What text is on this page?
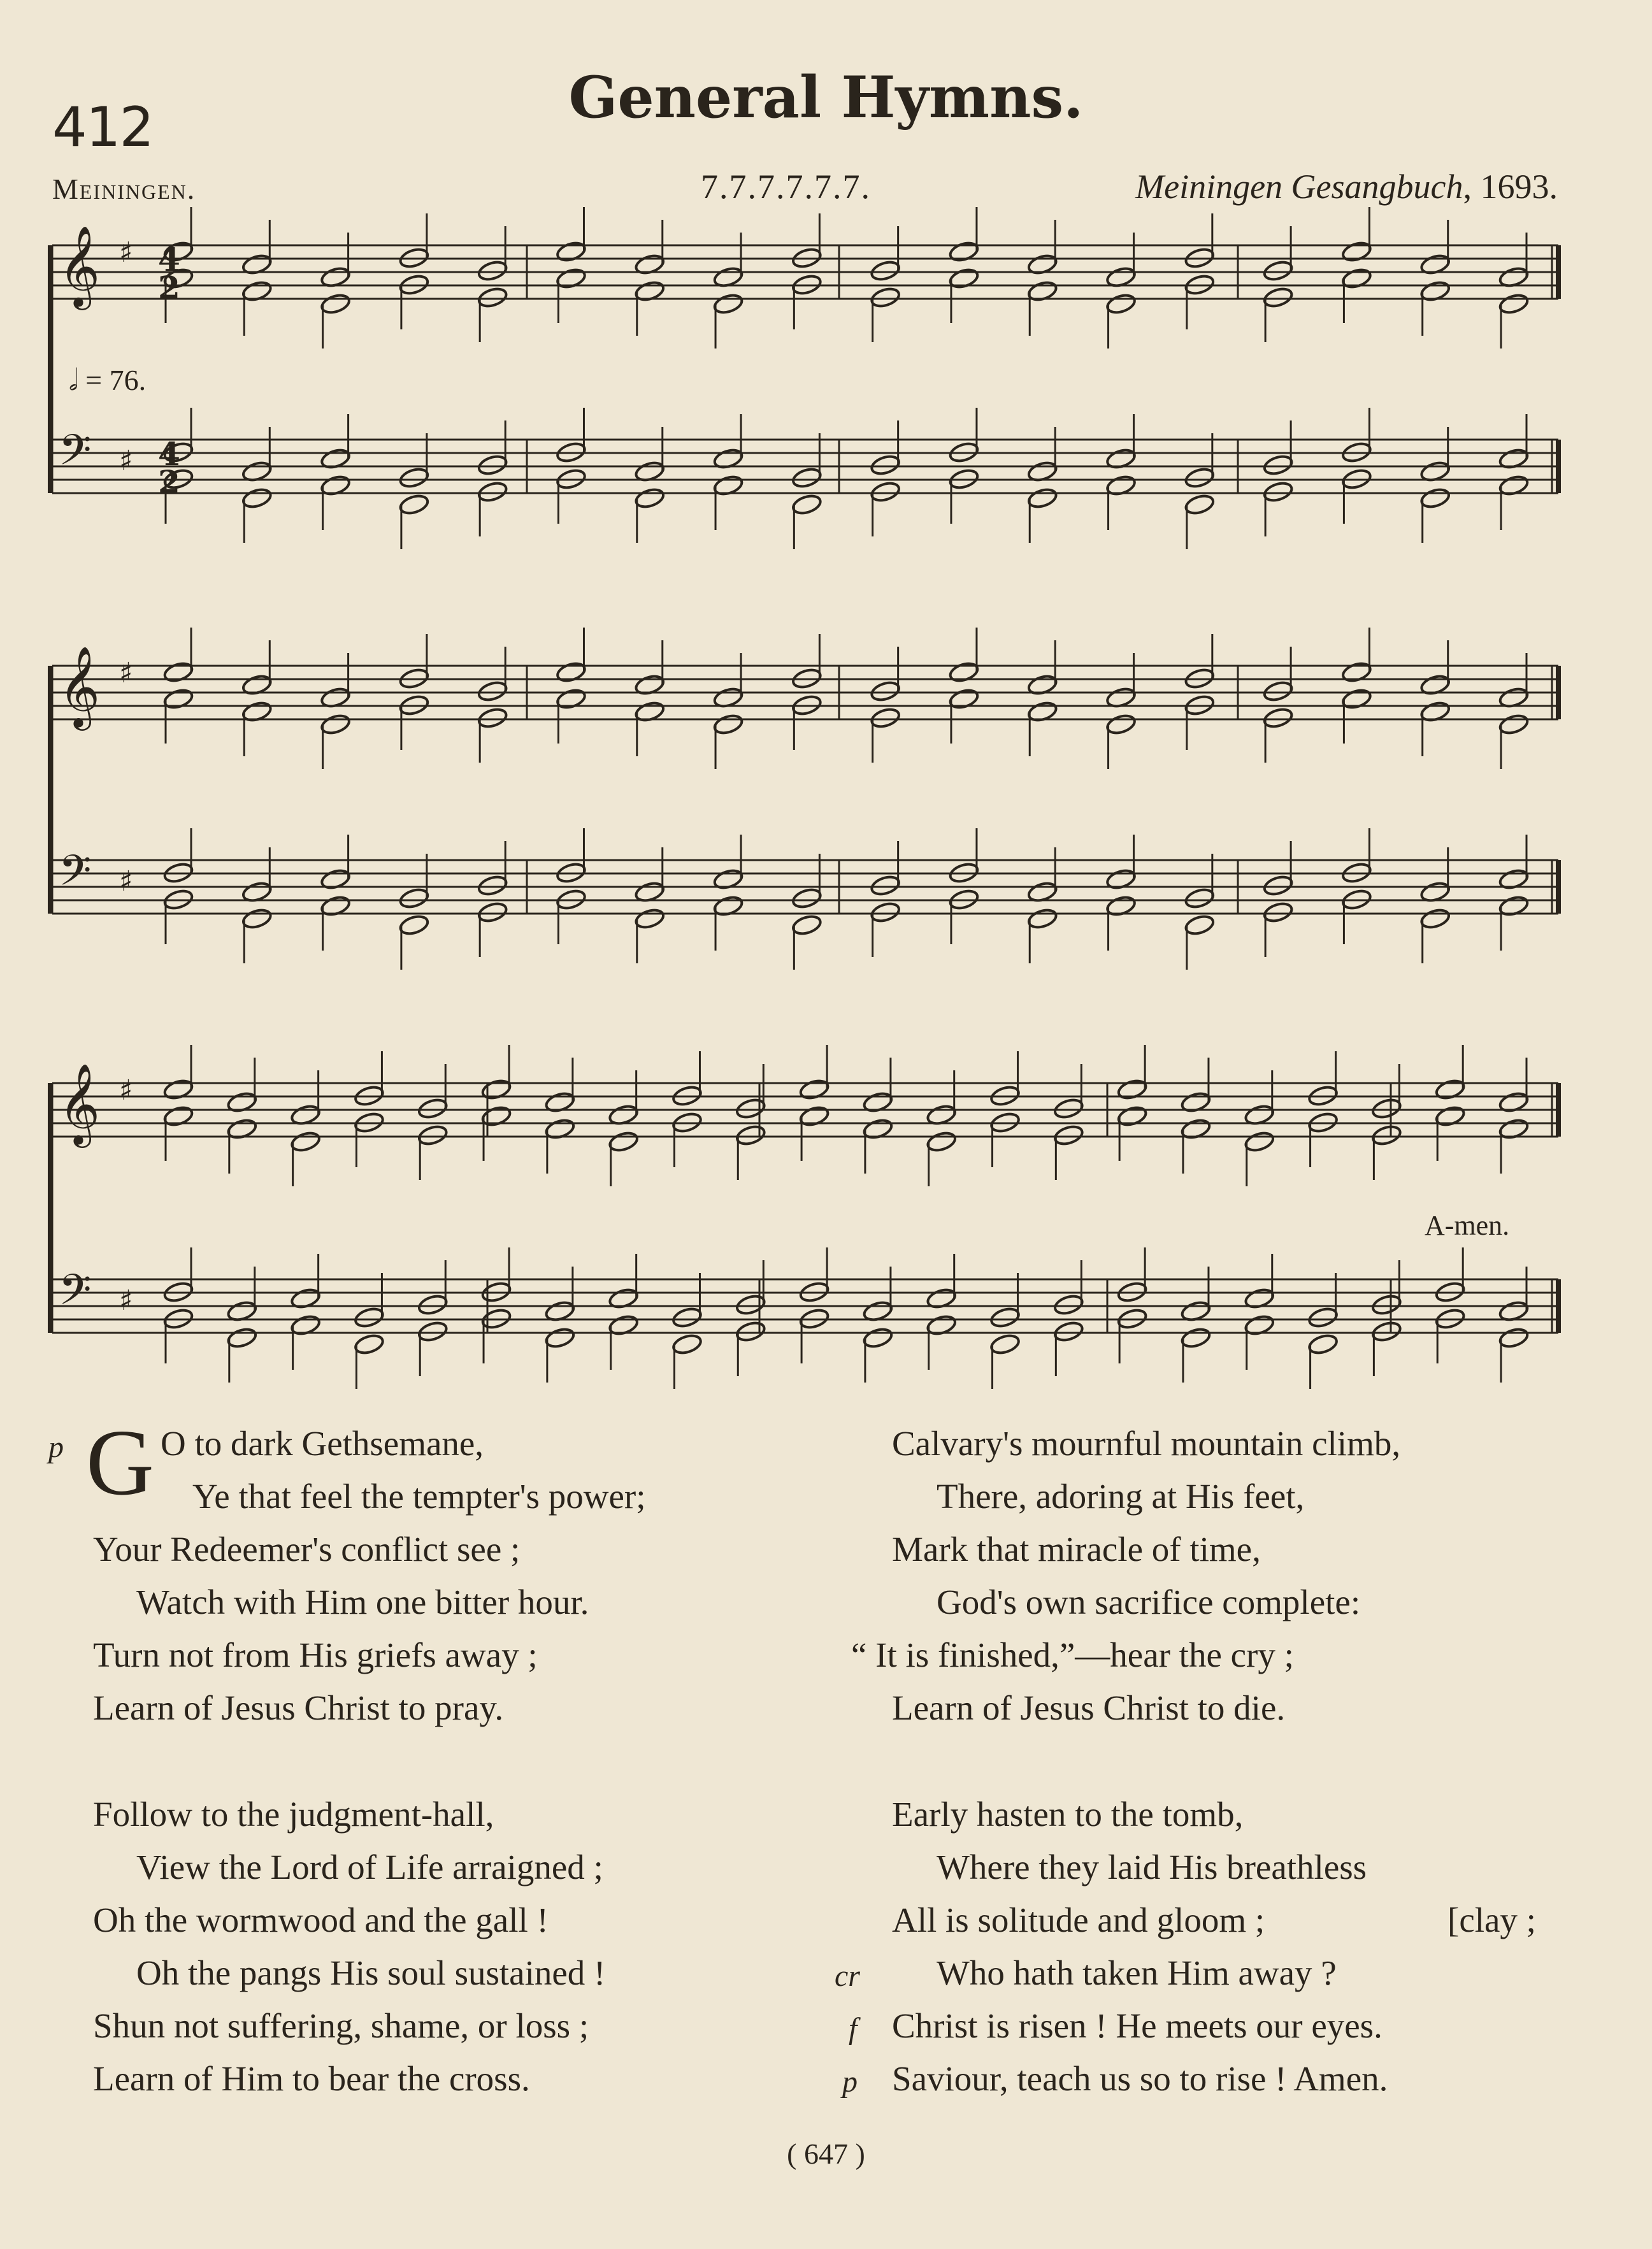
412	General Hymns.
Meiningen.	7.7.7.7.7.7.	Meiningen Gesangbuch, 1693.
𝄞 ♯
𝄢 ♯
𝄞 ♯
𝄢 ♯
𝄞 ♯
𝄢 ♯
4
2
4
2
𝅗𝅥 = 76.
A-men.
G
p	O to dark Gethsemane,
Ye that feel the tempter's power;
Your Redeemer's conflict see ;
Watch with Him one bitter hour.
Turn not from His griefs away ;
Learn of Jesus Christ to pray.
Follow to the judgment-hall,
View the Lord of Life arraigned ;
Oh the wormwood and the gall !
Oh the pangs His soul sustained !
Shun not suffering, shame, or loss ;
Learn of Him to bear the cross.
Calvary's mournful mountain climb,
There, adoring at His feet,
Mark that miracle of time,
God's own sacrifice complete:
“ It is finished,”—hear the cry ;
Learn of Jesus Christ to die.
Early hasten to the tomb,
Where they laid His breathless
All is solitude and gloom ;	[clay ;
cr Who hath taken Him away ?
f Christ is risen ! He meets our eyes.
p Saviour, teach us so to rise ! Amen.
( 647 )
